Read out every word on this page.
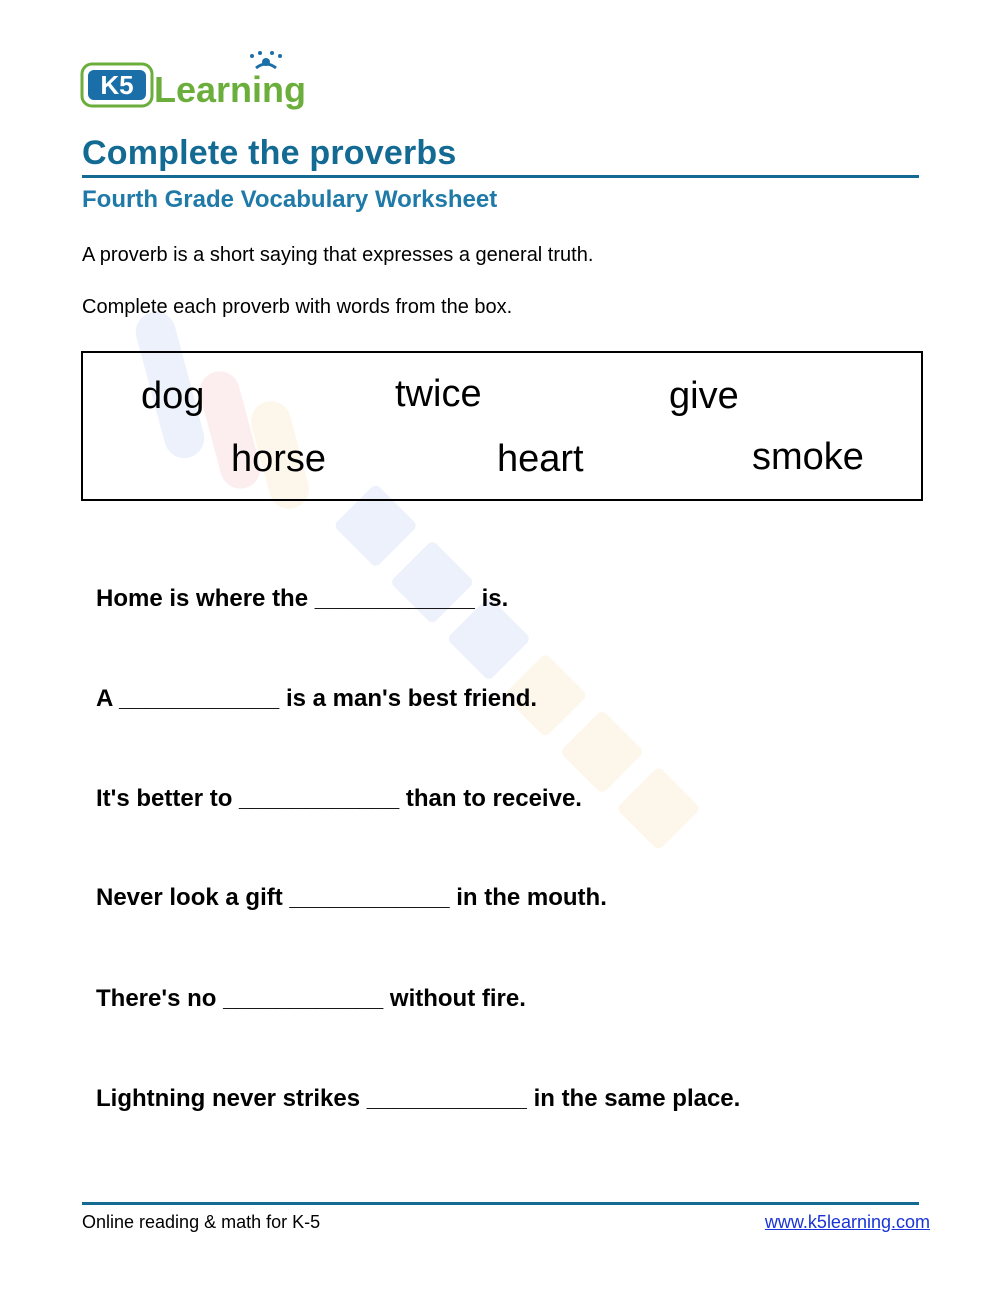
K5 Learning
Complete the proverbs
Fourth Grade Vocabulary Worksheet

A proverb is a short saying that expresses a general truth.

Complete each proverb with words from the box.

dog	twice	give
horse	heart	smoke

Home is where the ____________ is.

A ____________ is a man's best friend.

It's better to ____________ than to receive.

Never look a gift ____________ in the mouth.

There's no ____________ without fire.

Lightning never strikes ____________ in the same place.

Online reading & math for K-5	www.k5learning.com
